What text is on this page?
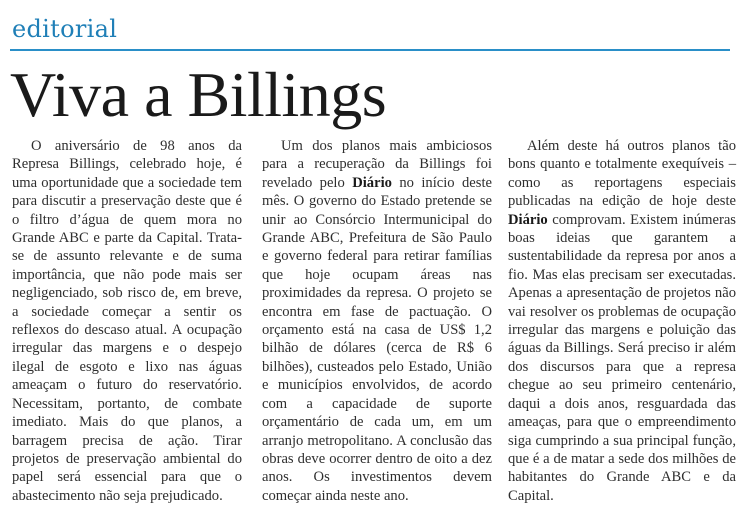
editorial
Viva a Billings

O aniversário de 98 anos da Represa Billings, celebrado hoje, é uma oportunidade que a sociedade tem para discutir a preservação deste que é o filtro d’água de quem mora no Grande ABC e parte da Capital. Trata-se de assunto relevante e de suma importância, que não pode mais ser negligenciado, sob risco de, em breve, a sociedade começar a sentir os reflexos do descaso atual. A ocupação irregular das margens e o despejo ilegal de esgoto e lixo nas águas ameaçam o futuro do reservatório. Necessitam, portanto, de combate imediato. Mais do que planos, a barragem precisa de ação. Tirar projetos de preservação ambiental do papel será essencial para que o abastecimento não seja prejudicado.

Um dos planos mais ambiciosos para a recuperação da Billings foi revelado pelo Diário no início deste mês. O governo do Estado pretende se unir ao Consórcio Intermunicipal do Grande ABC, Prefeitura de São Paulo e governo federal para retirar famílias que hoje ocupam áreas nas proximidades da represa. O projeto se encontra em fase de pactuação. O orçamento está na casa de US$ 1,2 bilhão de dólares (cerca de R$ 6 bilhões), custeados pelo Estado, União e municípios envolvidos, de acordo com a capacidade de suporte orçamentário de cada um, em um arranjo metropolitano. A conclusão das obras deve ocorrer dentro de oito a dez anos. Os investimentos devem começar ainda neste ano.

Além deste há outros planos tão bons quanto e totalmente exequíveis – como as reportagens especiais publicadas na edição de hoje deste Diário comprovam. Existem inúmeras boas ideias que garantem a sustentabilidade da represa por anos a fio. Mas elas precisam ser executadas. Apenas a apresentação de projetos não vai resolver os problemas de ocupação irregular das margens e poluição das águas da Billings. Será preciso ir além dos discursos para que a represa chegue ao seu primeiro centenário, daqui a dois anos, resguardada das ameaças, para que o empreendimento siga cumprindo a sua principal função, que é a de matar a sede dos milhões de habitantes do Grande ABC e da Capital.
